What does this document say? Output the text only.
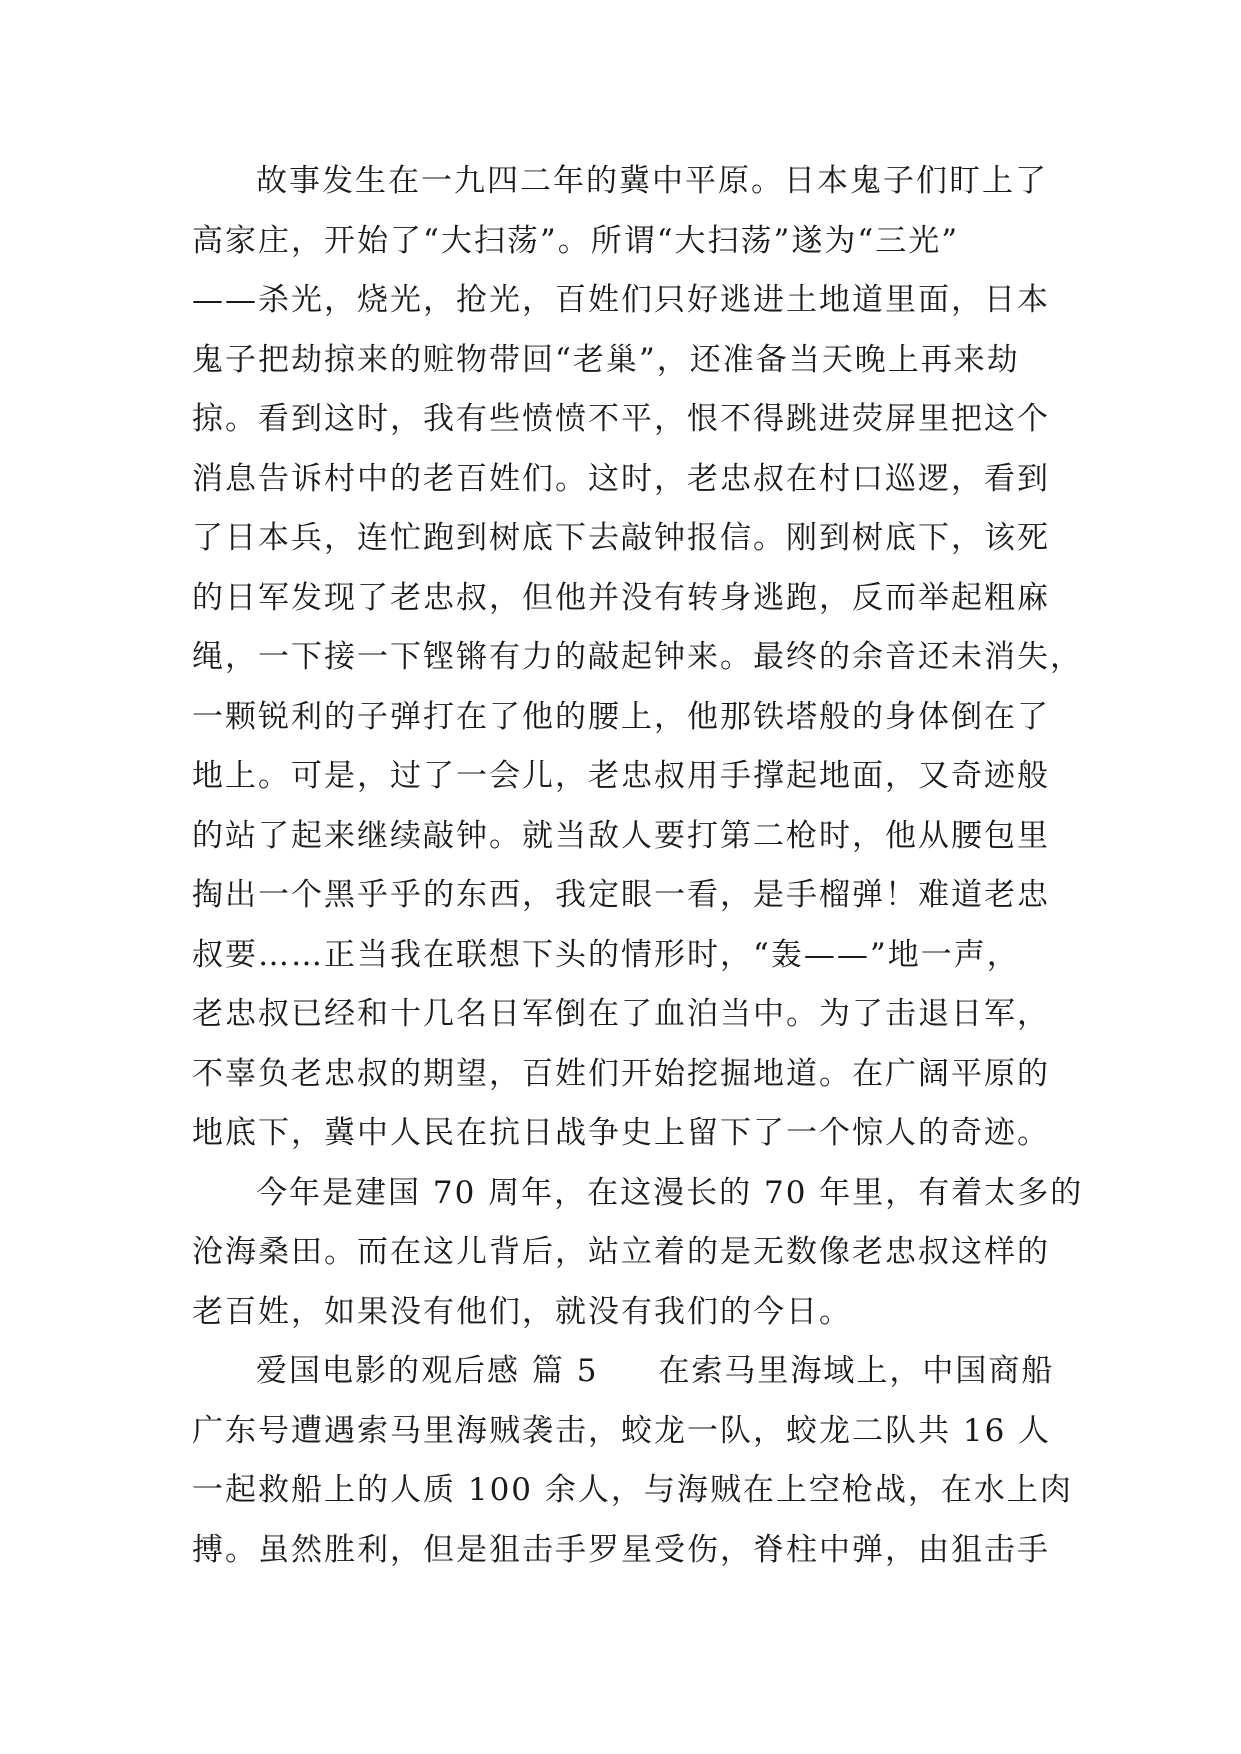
故事发生在一九四二年的冀中平原。日本鬼子们盯上了
高家庄，开始了“大扫荡”。所谓“大扫荡”遂为“三光”
——杀光，烧光，抢光，百姓们只好逃进土地道里面，日本
鬼子把劫掠来的赃物带回“老巢”，还准备当天晚上再来劫
掠。看到这时，我有些愤愤不平，恨不得跳进荧屏里把这个
消息告诉村中的老百姓们。这时，老忠叔在村口巡逻，看到
了日本兵，连忙跑到树底下去敲钟报信。刚到树底下，该死
的日军发现了老忠叔，但他并没有转身逃跑，反而举起粗麻
绳，一下接一下铿锵有力的敲起钟来。最终的余音还未消失，
一颗锐利的子弹打在了他的腰上，他那铁塔般的身体倒在了
地上。可是，过了一会儿，老忠叔用手撑起地面，又奇迹般
的站了起来继续敲钟。就当敌人要打第二枪时，他从腰包里
掏出一个黑乎乎的东西，我定眼一看，是手榴弹！难道老忠
叔要……正当我在联想下头的情形时，“轰——”地一声，
老忠叔已经和十几名日军倒在了血泊当中。为了击退日军，
不辜负老忠叔的期望，百姓们开始挖掘地道。在广阔平原的
地底下，冀中人民在抗日战争史上留下了一个惊人的奇迹。
今年是建国 70 周年，在这漫长的 70 年里，有着太多的
沧海桑田。而在这儿背后，站立着的是无数像老忠叔这样的
老百姓，如果没有他们，就没有我们的今日。
爱国电影的观后感 篇 5 在索马里海域上，中国商船
广东号遭遇索马里海贼袭击，蛟龙一队，蛟龙二队共 16 人
一起救船上的人质 100 余人，与海贼在上空枪战，在水上肉
搏。虽然胜利，但是狙击手罗星受伤，脊柱中弹，由狙击手
